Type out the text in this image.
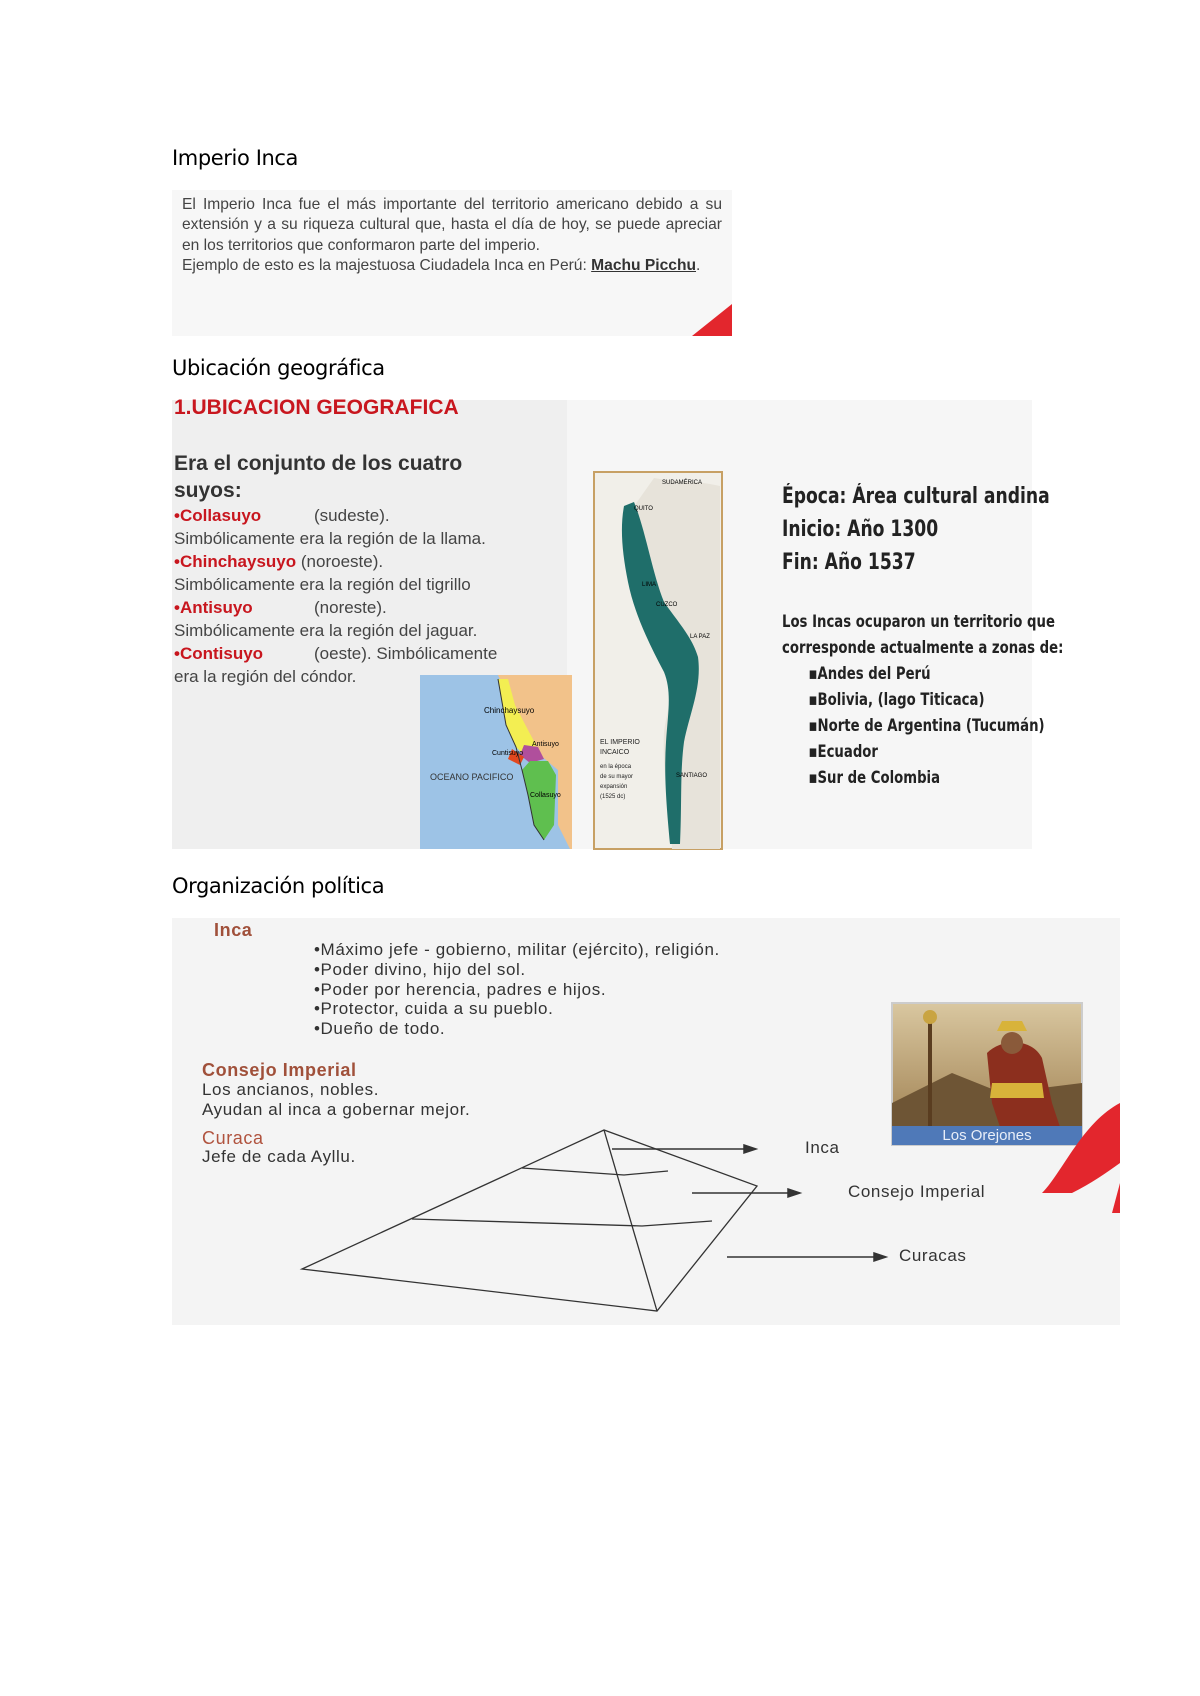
Imperio Inca
El Imperio Inca fue el más importante del territorio americano debido a su extensión y a su riqueza cultural que, hasta el día de hoy, se puede apreciar en los territorios que conformaron parte del imperio.
Ejemplo de esto es la majestuosa Ciudadela Inca en Perú: Machu Picchu.
Ubicación geográfica
1.UBICACION GEOGRAFICA
Era el conjunto de los cuatro suyos:
•Collasuyo	(sudeste).
Simbólicamente era la región de la llama.
•Chinchaysuyo (noroeste).
Simbólicamente era la región del tigrillo
•Antisuyo	(noreste).
Simbólicamente era la región del jaguar.
•Contisuyo	(oeste). Simbólicamente
era la región del cóndor.
Chinchaysuyo
Antisuyo
Cuntisuyo
Collasuyo
OCEANO PACIFICO
SUDAMÉRICA
QUITO
LIMA
CUZCO
LA PAZ
SANTIAGO
EL IMPERIO
INCAICO
en la época
de su mayor
expansión
(1525 dc)
Época: Área cultural andina
Inicio: Año 1300
Fin: Año 1537
Los Incas ocuparon un territorio que
corresponde actualmente a zonas de:
▪Andes del Perú
▪Bolivia, (lago Titicaca)
▪Norte de Argentina (Tucumán)
▪Ecuador
▪Sur de Colombia
Organización política
Inca
•Máximo jefe - gobierno, militar (ejército), religión.
•Poder divino, hijo del sol.
•Poder por herencia, padres e hijos.
•Protector, cuida a su pueblo.
•Dueño de todo.
Consejo Imperial
Los ancianos, nobles.
Ayudan al inca a gobernar mejor.
Curaca
Jefe de cada Ayllu.
Los Orejones
Inca
Consejo Imperial
Curacas
